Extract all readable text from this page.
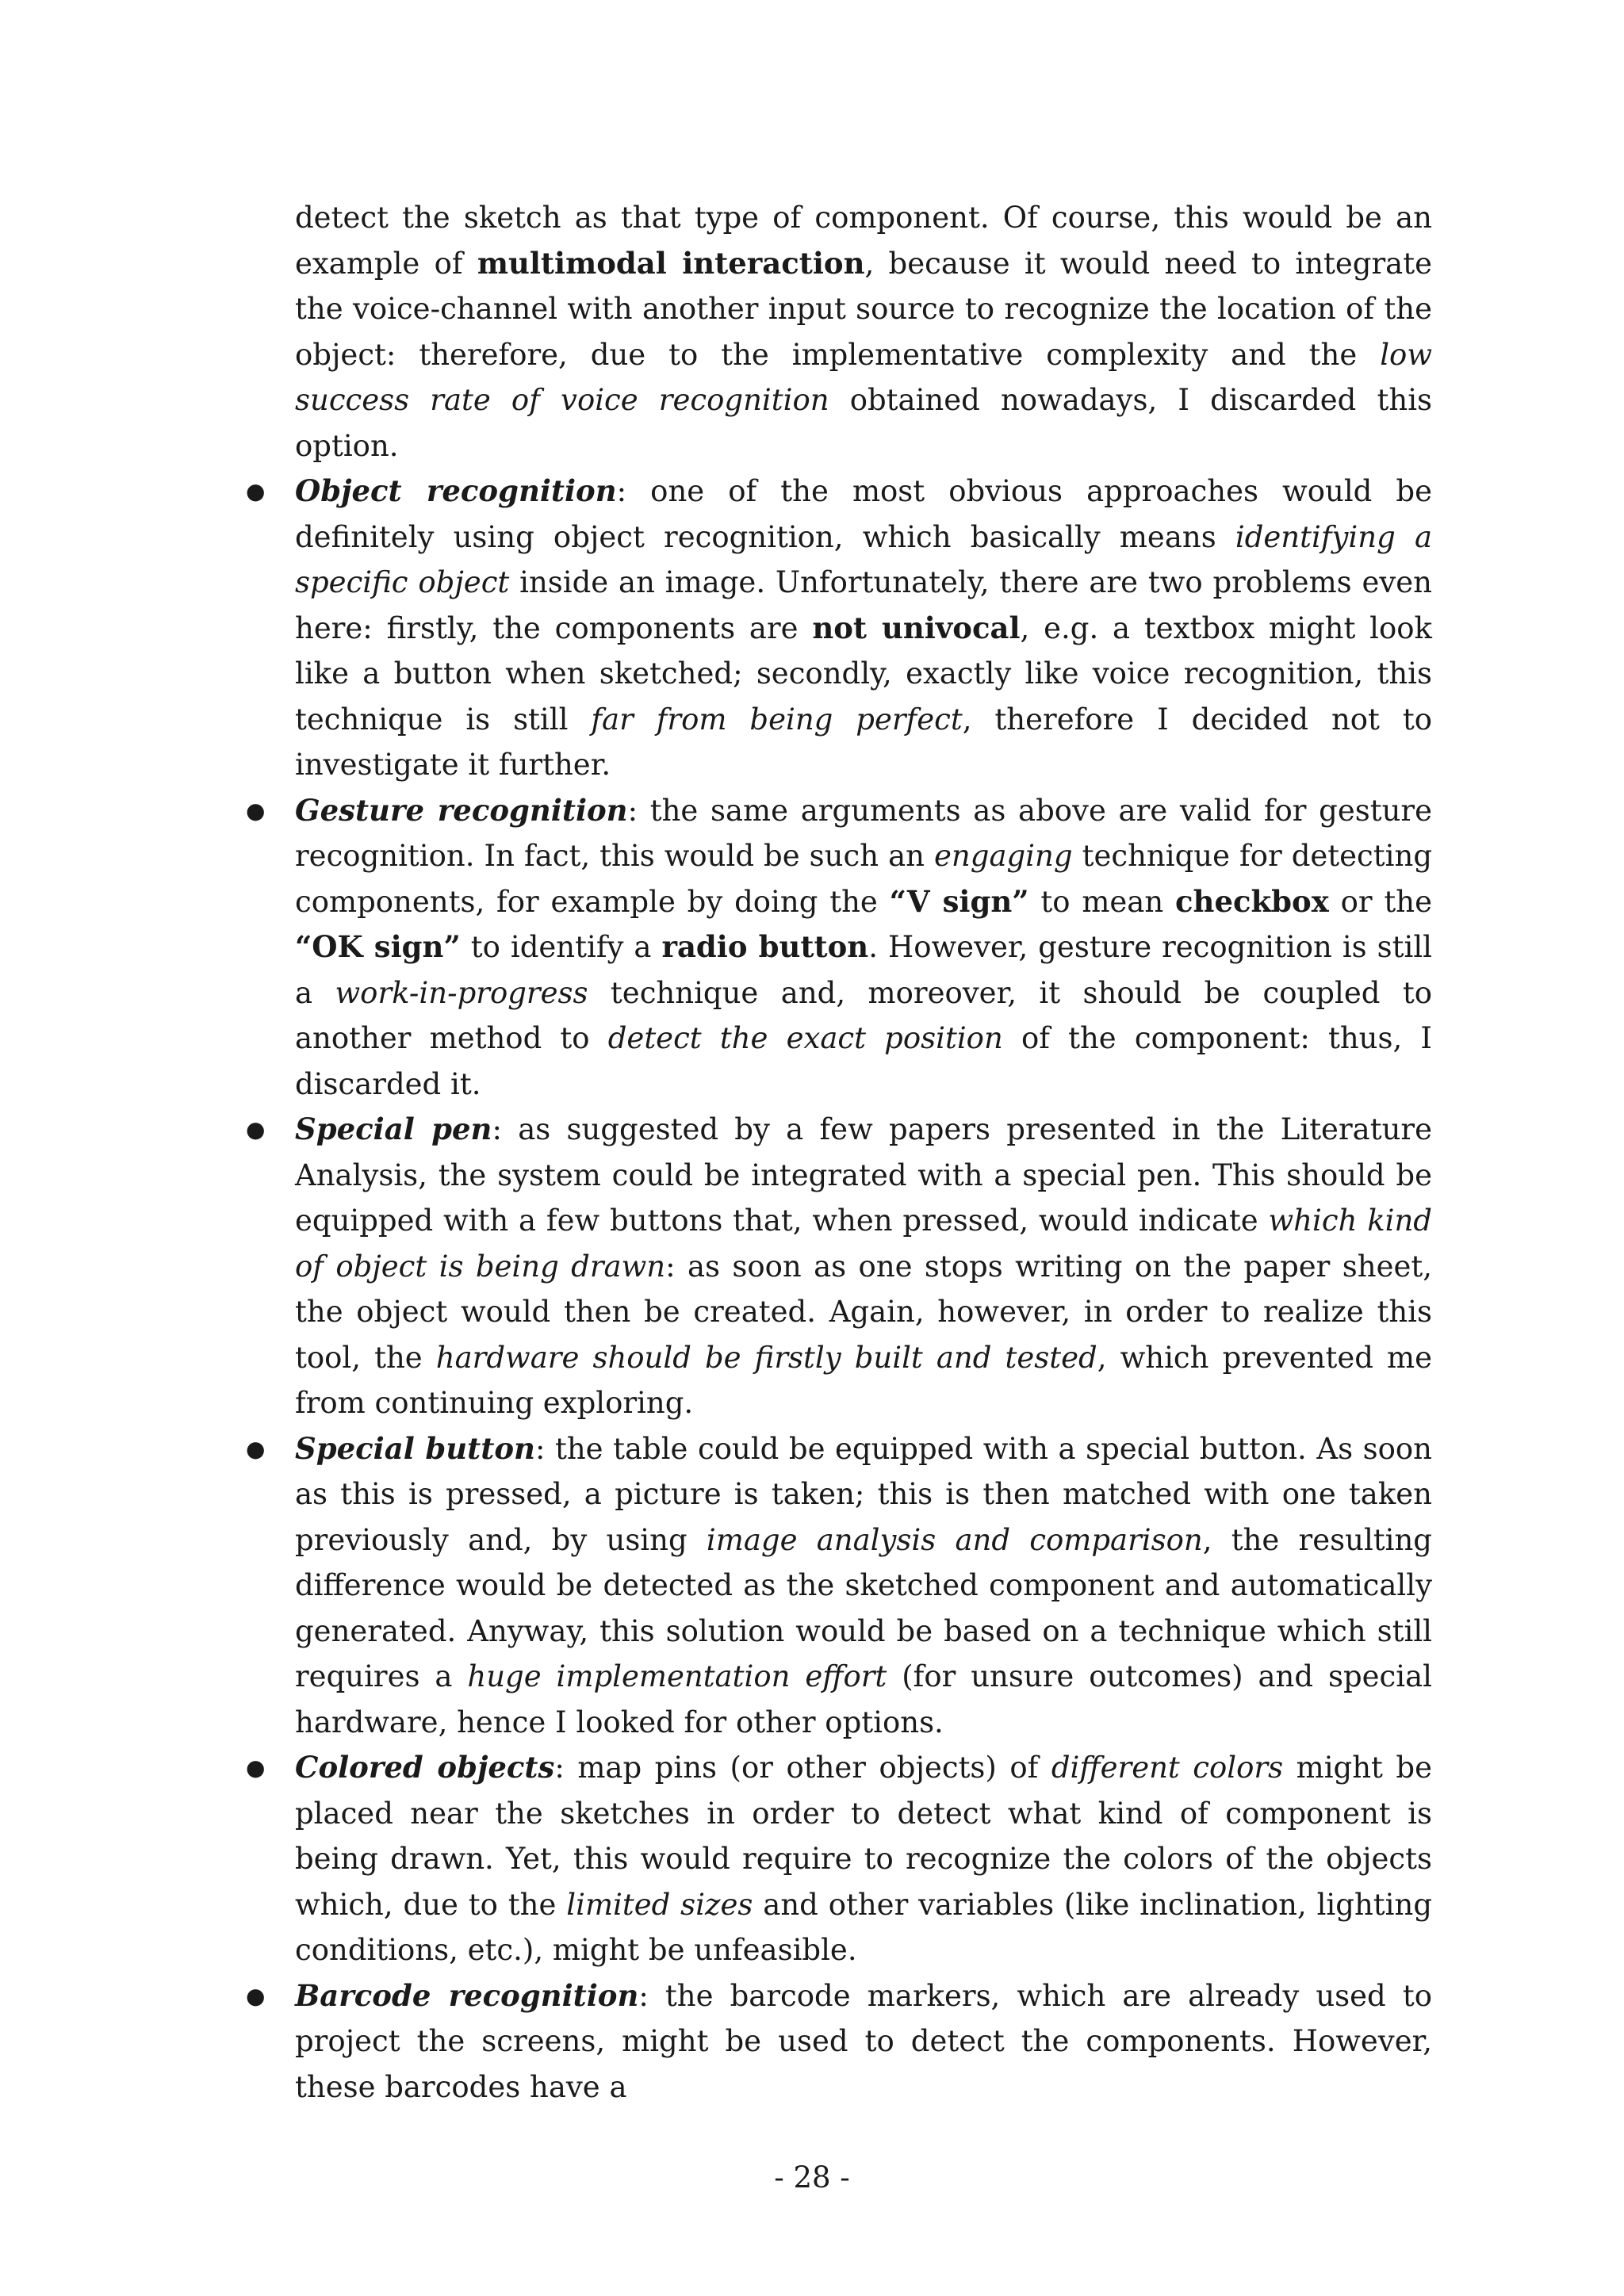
detect the sketch as that type of component. Of course, this would be an example of multimodal interaction, because it would need to integrate the voice-channel with another input source to recognize the location of the object: therefore, due to the implementative complexity and the low success rate of voice recognition obtained nowadays, I discarded this option.

● Object recognition: one of the most obvious approaches would be definitely using object recognition, which basically means identifying a specific object inside an image. Unfortunately, there are two problems even here: firstly, the components are not univocal, e.g. a textbox might look like a button when sketched; secondly, exactly like voice recognition, this technique is still far from being perfect, therefore I decided not to investigate it further.

● Gesture recognition: the same arguments as above are valid for gesture recognition. In fact, this would be such an engaging technique for detecting components, for example by doing the “V sign” to mean checkbox or the “OK sign” to identify a radio button. However, gesture recognition is still a work-in-progress technique and, moreover, it should be coupled to another method to detect the exact position of the component: thus, I discarded it.

● Special pen: as suggested by a few papers presented in the Literature Analysis, the system could be integrated with a special pen. This should be equipped with a few buttons that, when pressed, would indicate which kind of object is being drawn: as soon as one stops writing on the paper sheet, the object would then be created. Again, however, in order to realize this tool, the hardware should be firstly built and tested, which prevented me from continuing exploring.

● Special button: the table could be equipped with a special button. As soon as this is pressed, a picture is taken; this is then matched with one taken previously and, by using image analysis and comparison, the resulting difference would be detected as the sketched component and automatically generated. Anyway, this solution would be based on a technique which still requires a huge implementation effort (for unsure outcomes) and special hardware, hence I looked for other options.

● Colored objects: map pins (or other objects) of different colors might be placed near the sketches in order to detect what kind of component is being drawn. Yet, this would require to recognize the colors of the objects which, due to the limited sizes and other variables (like inclination, lighting conditions, etc.), might be unfeasible.

● Barcode recognition: the barcode markers, which are already used to project the screens, might be used to detect the components. However, these barcodes have a

- 28 -
